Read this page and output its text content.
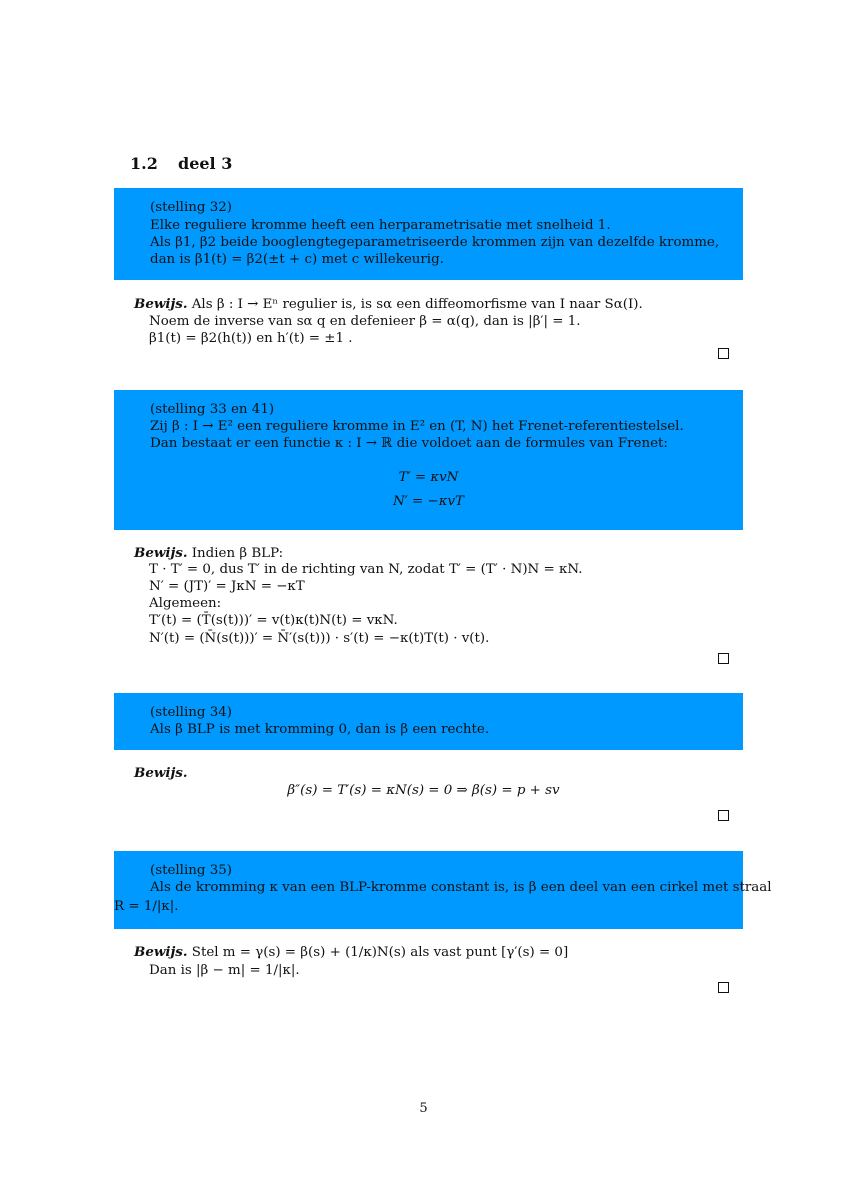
1.2 deel 3
(stelling 32)
Elke reguliere kromme heeft een herparametrisatie met snelheid 1.
Als β1, β2 beide booglengtegeparametriseerde krommen zijn van dezelfde kromme,
dan is β1(t) = β2(±t + c) met c willekeurig.
Bewijs. Als β : I → Eⁿ regulier is, is sα een diffeomorfisme van I naar Sα(I).
Noem de inverse van sα q en defenieer β = α(q), dan is |β′| = 1.
β1(t) = β2(h(t)) en h′(t) = ±1 .
(stelling 33 en 41)
Zij β : I → E² een reguliere kromme in E² en (T, N) het Frenet-referentiestelsel.
Dan bestaat er een functie κ : I → ℝ die voldoet aan de formules van Frenet:
T′ = κvN
N′ = −κvT
Bewijs. Indien β BLP:
T · T′ = 0, dus T′ in de richting van N, zodat T′ = (T′ · N)N = κN.
N′ = (JT)′ = JκN = −κT
Algemeen:
T′(t) = (T̄(s(t)))′ = v(t)κ(t)N(t) = vκN.
N′(t) = (N̄(s(t)))′ = N̄′(s(t))) · s′(t) = −κ(t)T(t) · v(t).
(stelling 34)
Als β BLP is met kromming 0, dan is β een rechte.
Bewijs.
β″(s) = T′(s) = κN(s) = 0 ⇒ β(s) = p + sv
(stelling 35)
Als de kromming κ van een BLP-kromme constant is, is β een deel van een cirkel met straal
R = 1/|κ|.
Bewijs. Stel m = γ(s) = β(s) + (1/κ)N(s) als vast punt [γ′(s) = 0]
Dan is |β − m| = 1/|κ|.
5
